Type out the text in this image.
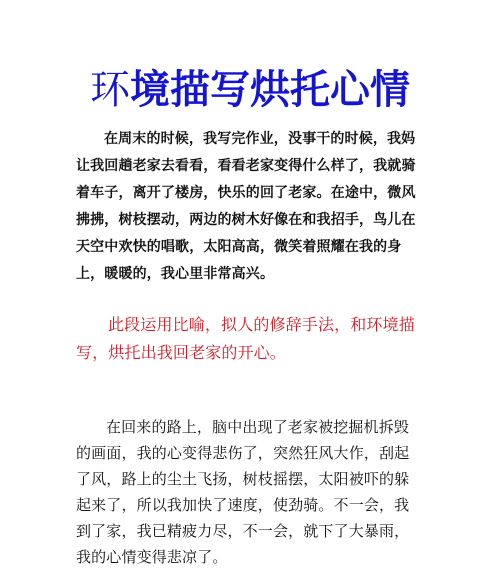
环境描写烘托心情

在周末的时候，我写完作业，没事干的时候，我妈让我回趟老家去看看，看看老家变得什么样了，我就骑着车子，离开了楼房，快乐的回了老家。在途中，微风拂拂，树枝摆动，两边的树木好像在和我招手，鸟儿在天空中欢快的唱歌，太阳高高，微笑着照耀在我的身上，暖暖的，我心里非常高兴。

此段运用比喻，拟人的修辞手法，和环境描写，烘托出我回老家的开心。

在回来的路上，脑中出现了老家被挖掘机拆毁的画面，我的心变得悲伤了，突然狂风大作，刮起了风，路上的尘土飞扬，树枝摇摆，太阳被吓的躲起来了，所以我加快了速度，使劲骑。不一会，我到了家，我已精疲力尽，不一会，就下了大暴雨，我的心情变得悲凉了。
